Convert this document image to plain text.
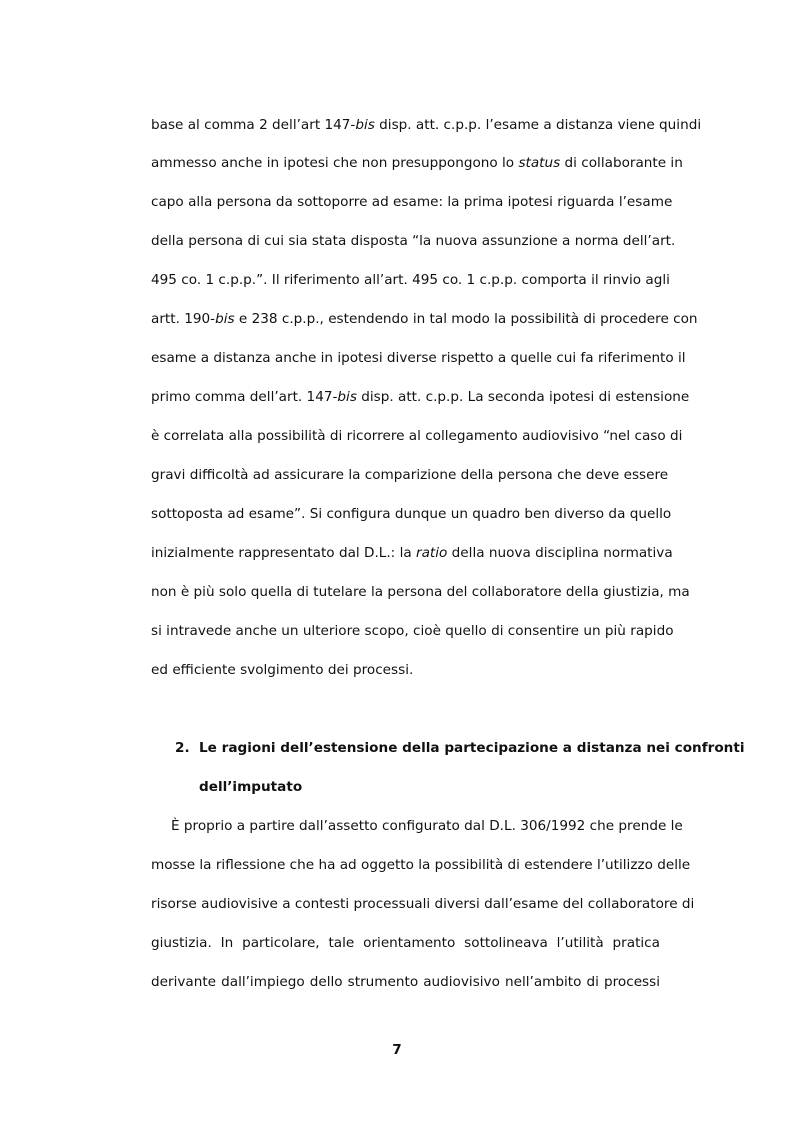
base al comma 2 dell’art 147-bis disp. att. c.p.p. l’esame a distanza viene quindi
ammesso anche in ipotesi che non presuppongono lo status di collaborante in
capo alla persona da sottoporre ad esame: la prima ipotesi riguarda l’esame
della persona di cui sia stata disposta “la nuova assunzione a norma dell’art.
495 co. 1 c.p.p.”. Il riferimento all’art. 495 co. 1 c.p.p. comporta il rinvio agli
artt. 190-bis e 238 c.p.p., estendendo in tal modo la possibilità di procedere con
esame a distanza anche in ipotesi diverse rispetto a quelle cui fa riferimento il
primo comma dell’art. 147-bis disp. att. c.p.p. La seconda ipotesi di estensione
è correlata alla possibilità di ricorrere al collegamento audiovisivo “nel caso di
gravi difficoltà ad assicurare la comparizione della persona che deve essere
sottoposta ad esame”. Si configura dunque un quadro ben diverso da quello
inizialmente rappresentato dal D.L.: la ratio della nuova disciplina normativa
non è più solo quella di tutelare la persona del collaboratore della giustizia, ma
si intravede anche un ulteriore scopo, cioè quello di consentire un più rapido
ed efficiente svolgimento dei processi.
2. Le ragioni dell’estensione della partecipazione a distanza nei confronti
dell’imputato
È proprio a partire dall’assetto configurato dal D.L. 306/1992 che prende le
mosse la riflessione che ha ad oggetto la possibilità di estendere l’utilizzo delle
risorse audiovisive a contesti processuali diversi dall’esame del collaboratore di
giustizia. In particolare, tale orientamento sottolineava l’utilità pratica
derivante dall’impiego dello strumento audiovisivo nell’ambito di processi
7
